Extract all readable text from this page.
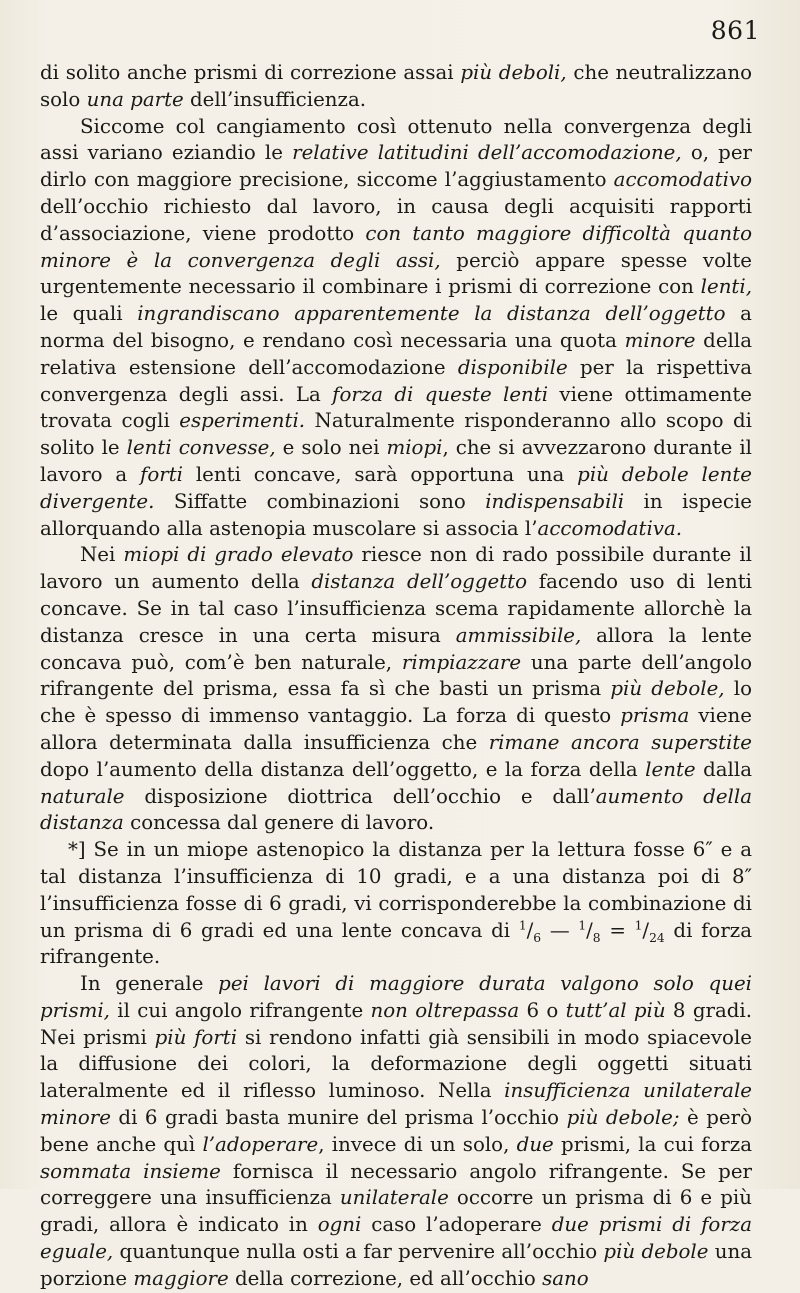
861

di solito anche prismi di correzione assai più deboli, che neutralizzano solo una parte dell’insufficienza.

Siccome col cangiamento così ottenuto nella convergenza degli assi variano eziandio le relative latitudini dell’accomodazione, o, per dirlo con maggiore precisione, siccome l’aggiustamento accomodativo dell’occhio richiesto dal lavoro, in causa degli acquisiti rapporti d’associazione, viene prodotto con tanto maggiore difficoltà quanto minore è la convergenza degli assi, perciò appare spesse volte urgentemente necessario il combinare i prismi di correzione con lenti, le quali ingrandiscano apparentemente la distanza dell’oggetto a norma del bisogno, e rendano così necessaria una quota minore della relativa estensione dell’accomodazione disponibile per la rispettiva convergenza degli assi. La forza di queste lenti viene ottimamente trovata cogli esperimenti. Naturalmente risponderanno allo scopo di solito le lenti convesse, e solo nei miopi, che si avvezzarono durante il lavoro a forti lenti concave, sarà opportuna una più debole lente divergente. Siffatte combinazioni sono indispensabili in ispecie allorquando alla astenopia muscolare si associa l’accomodativa.

Nei miopi di grado elevato riesce non di rado possibile durante il lavoro un aumento della distanza dell’oggetto facendo uso di lenti concave. Se in tal caso l’insufficienza scema rapidamente allorchè la distanza cresce in una certa misura ammissibile, allora la lente concava può, com’è ben naturale, rimpiazzare una parte dell’angolo rifrangente del prisma, essa fa sì che basti un prisma più debole, lo che è spesso di immenso vantaggio. La forza di questo prisma viene allora determinata dalla insufficienza che rimane ancora superstite dopo l’aumento della distanza dell’oggetto, e la forza della lente dalla naturale disposizione diottrica dell’occhio e dall’aumento della distanza concessa dal genere di lavoro.

*] Se in un miope astenopico la distanza per la lettura fosse 6″ e a tal distanza l’insufficienza di 10 gradi, e a una distanza poi di 8″ l’insufficienza fosse di 6 gradi, vi corrisponderebbe la combinazione di un prisma di 6 gradi ed una lente concava di $^1/_6$ — $^1/_8 = ^1/_{24}$ di forza rifrangente.

In generale pei lavori di maggiore durata valgono solo quei prismi, il cui angolo rifrangente non oltrepassa 6 o tutt’al più 8 gradi. Nei prismi più forti si rendono infatti già sensibili in modo spiacevole la diffusione dei colori, la deformazione degli oggetti situati lateralmente ed il riflesso luminoso. Nella insufficienza unilaterale minore di 6 gradi basta munire del prisma l’occhio più debole; è però bene anche quì l’adoperare, invece di un solo, due prismi, la cui forza sommata insieme fornisca il necessario angolo rifrangente. Se per correggere una insufficienza unilaterale occorre un prisma di 6 e più gradi, allora è indicato in ogni caso l’adoperare due prismi di forza eguale, quantunque nulla osti a far pervenire all’occhio più debole una porzione maggiore della correzione, ed all’occhio sano
